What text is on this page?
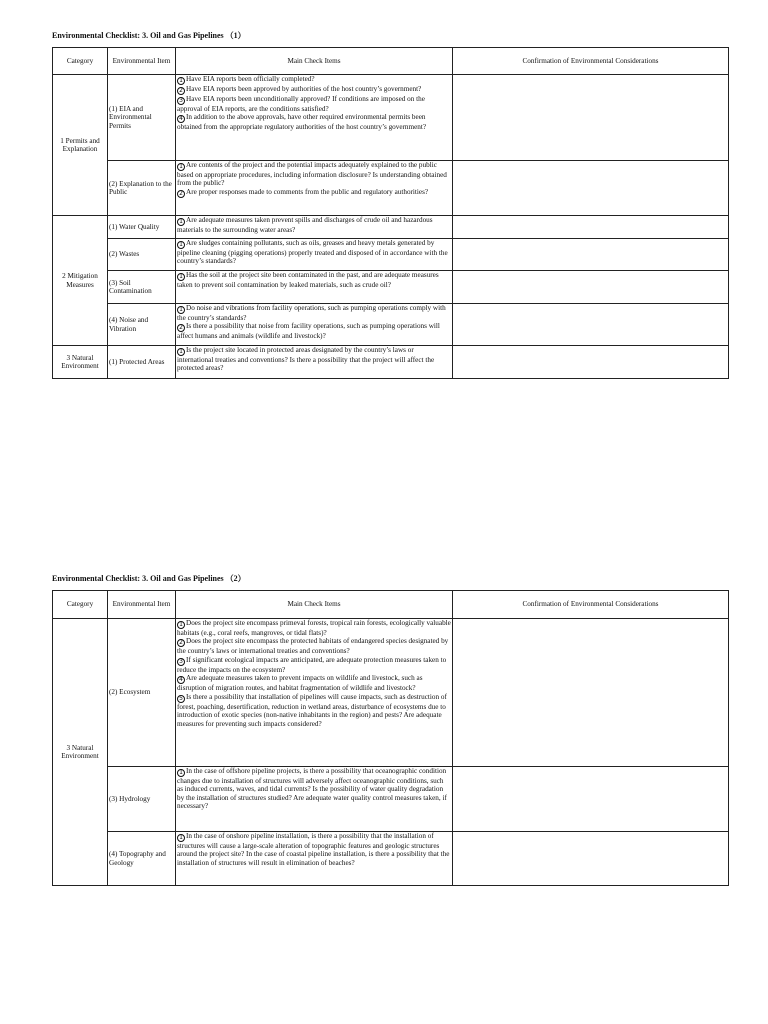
Environmental Checklist: 3. Oil and Gas Pipelines （1）
Category	Environmental Item	Main Check Items	Confirmation of Environmental Considerations
1 Permits and Explanation	(1) EIA and Environmental Permits	1 Have EIA reports been officially completed?
2 Have EIA reports been approved by authorities of the host country’s government?
3 Have EIA reports been unconditionally approved? If conditions are imposed on the approval of EIA reports, are the conditions satisfied?
4 In addition to the above approvals, have other required environmental permits been obtained from the appropriate regulatory authorities of the host country’s government?	

	(2) Explanation to the Public	1 Are contents of the project and the potential impacts adequately explained to the public based on appropriate procedures, including information disclosure? Is understanding obtained from the public?
2 Are proper responses made to comments from the public and regulatory authorities?	

2 Mitigation Measures	(1) Water Quality	1 Are adequate measures taken prevent spills and discharges of crude oil and hazardous materials to the surrounding water areas?	

	(2) Wastes	1 Are sludges containing pollutants, such as oils, greases and heavy metals generated by pipeline cleaning (pigging operations) properly treated and disposed of in accordance with the country’s standards?	

	(3) Soil Contamination	1 Has the soil at the project site been contaminated in the past, and are adequate measures taken to prevent soil contamination by leaked materials, such as crude oil?	

	(4) Noise and Vibration	1 Do noise and vibrations from facility operations, such as pumping operations comply with the country’s standards?
2 Is there a possibility that noise from facility operations, such as pumping operations will affect humans and animals (wildlife and livestock)?	

3 Natural Environment	(1) Protected Areas	1 Is the project site located in protected areas designated by the country’s laws or international treaties and conventions? Is there a possibility that the project will affect the protected areas?	

Environmental Checklist: 3. Oil and Gas Pipelines （2）
Category	Environmental Item	Main Check Items	Confirmation of Environmental Considerations
3 Natural Environment	(2) Ecosystem	1 Does the project site encompass primeval forests, tropical rain forests, ecologically valuable habitats (e.g., coral reefs, mangroves, or tidal flats)?
2 Does the project site encompass the protected habitats of endangered species designated by the country’s laws or international treaties and conventions?
3 If significant ecological impacts are anticipated, are adequate protection measures taken to reduce the impacts on the ecosystem?
4 Are adequate measures taken to prevent impacts on wildlife and livestock, such as disruption of migration routes, and habitat fragmentation of wildlife and livestock?
5 Is there a possibility that installation of pipelines will cause impacts, such as destruction of forest, poaching, desertification, reduction in wetland areas, disturbance of ecosystems due to introduction of exotic species (non-native inhabitants in the region) and pests? Are adequate measures for preventing such impacts considered?	

	(3) Hydrology	1 In the case of offshore pipeline projects, is there a possibility that oceanographic condition changes due to installation of structures will adversely affect oceanographic conditions, such as induced currents, waves, and tidal currents? Is the possibility of water quality degradation by the installation of structures studied? Are adequate water quality control measures taken, if necessary?	

	(4) Topography and Geology	1 In the case of onshore pipeline installation, is there a possibility that the installation of structures will cause a large-scale alteration of topographic features and geologic structures around the project site? In the case of coastal pipeline installation, is there a possibility that the installation of structures will result in elimination of beaches?	
